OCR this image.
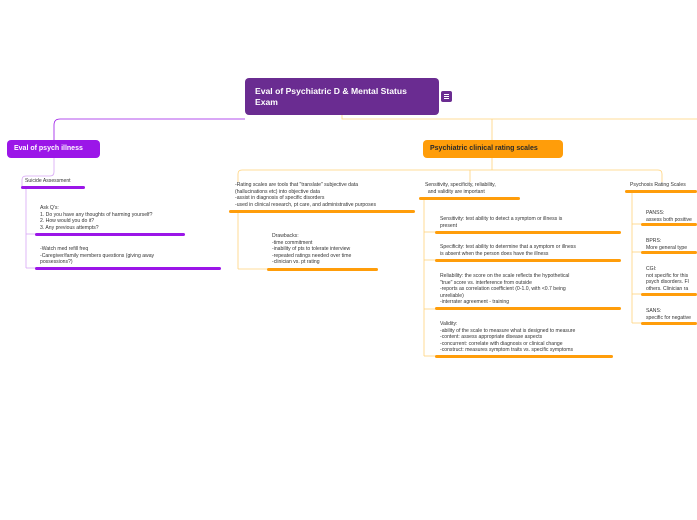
Eval of Psychiatric D & Mental Status Exam
Eval of psych illness	Psychiatric clinical rating scales
Suicide Assessment
Ask Q's:
1. Do you have any thoughts of harming yourself?
2. How would you do it?
3. Any previous attempts?
-Watch med refill freq
-Caregiver/family members questions (giving away
possessions?)
-Rating scales are tools that "translate" subjective data
(hallucinations etc) into objective data
-assist in diagnosis of specific disorders
-used in clinical research, pt care, and administrative purposes
Drawbacks:
-time commitment
-inability of pts to tolerate interview
-repeated ratings needed over time
-clinician vs. pt rating
Sensitivity, specificity, reliability,
and validity are important
Sensitivity: test ability to detect a symptom or illness is
present
Specificity: test ability to determine that a symptom or illness
is absent when the person does have the illness
Reliability: the score on the scale reflects the hypothetical
"true" score vs. interference from outside
-reports as correlation coefficient (0-1.0, with <0.7 being
unreliable)
-interrater agreement - training
Validity:
-ability of the scale to measure what is designed to measure
-content: assess appropriate disease aspects
-concurrent: correlate with diagnosis or clinical change
-construct: measures symptom traits vs. specific symptoms
Psychosis Rating Scales
PANSS:
assess both positive
BPRS:
More general type
CGI:
not specific for this
psych disorders. Fl
others. Clinician ra
SANS:
specific for negative
